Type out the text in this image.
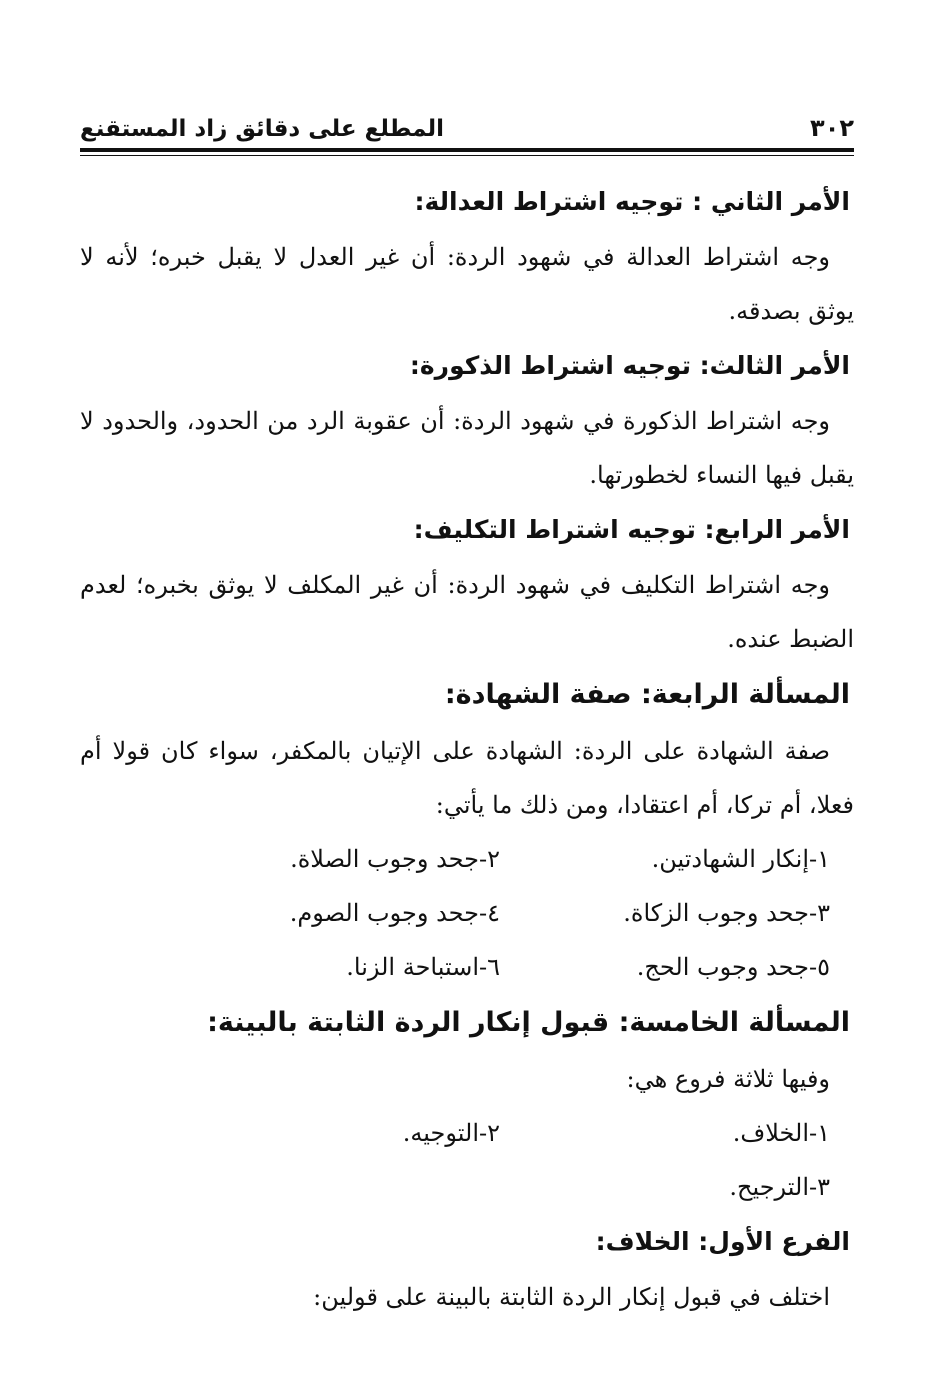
٣٠٢
المطلع على دقائق زاد المستقنع
الأمر الثاني : توجيه اشتراط العدالة:

وجه اشتراط العدالة في شهود الردة: أن غير العدل لا يقبل خبره؛ لأنه لا يوثق بصدقه.

الأمر الثالث: توجيه اشتراط الذكورة:

وجه اشتراط الذكورة في شهود الردة: أن عقوبة الرد من الحدود، والحدود لا يقبل فيها النساء لخطورتها.

الأمر الرابع: توجيه اشتراط التكليف:

وجه اشتراط التكليف في شهود الردة: أن غير المكلف لا يوثق بخبره؛ لعدم الضبط عنده.

المسألة الرابعة: صفة الشهادة:

صفة الشهادة على الردة: الشهادة على الإتيان بالمكفر، سواء كان قولا أم فعلا، أم تركا، أم اعتقادا، ومن ذلك ما يأتي:

١-إنكار الشهادتين.
٢-جحد وجوب الصلاة.
٣-جحد وجوب الزكاة.
٤-جحد وجوب الصوم.
٥-جحد وجوب الحج.
٦-استباحة الزنا.
المسألة الخامسة: قبول إنكار الردة الثابتة بالبينة:

وفيها ثلاثة فروع هي:

١-الخلاف.
٢-التوجيه.
٣-الترجيح.
الفرع الأول: الخلاف:

اختلف في قبول إنكار الردة الثابتة بالبينة على قولين:
